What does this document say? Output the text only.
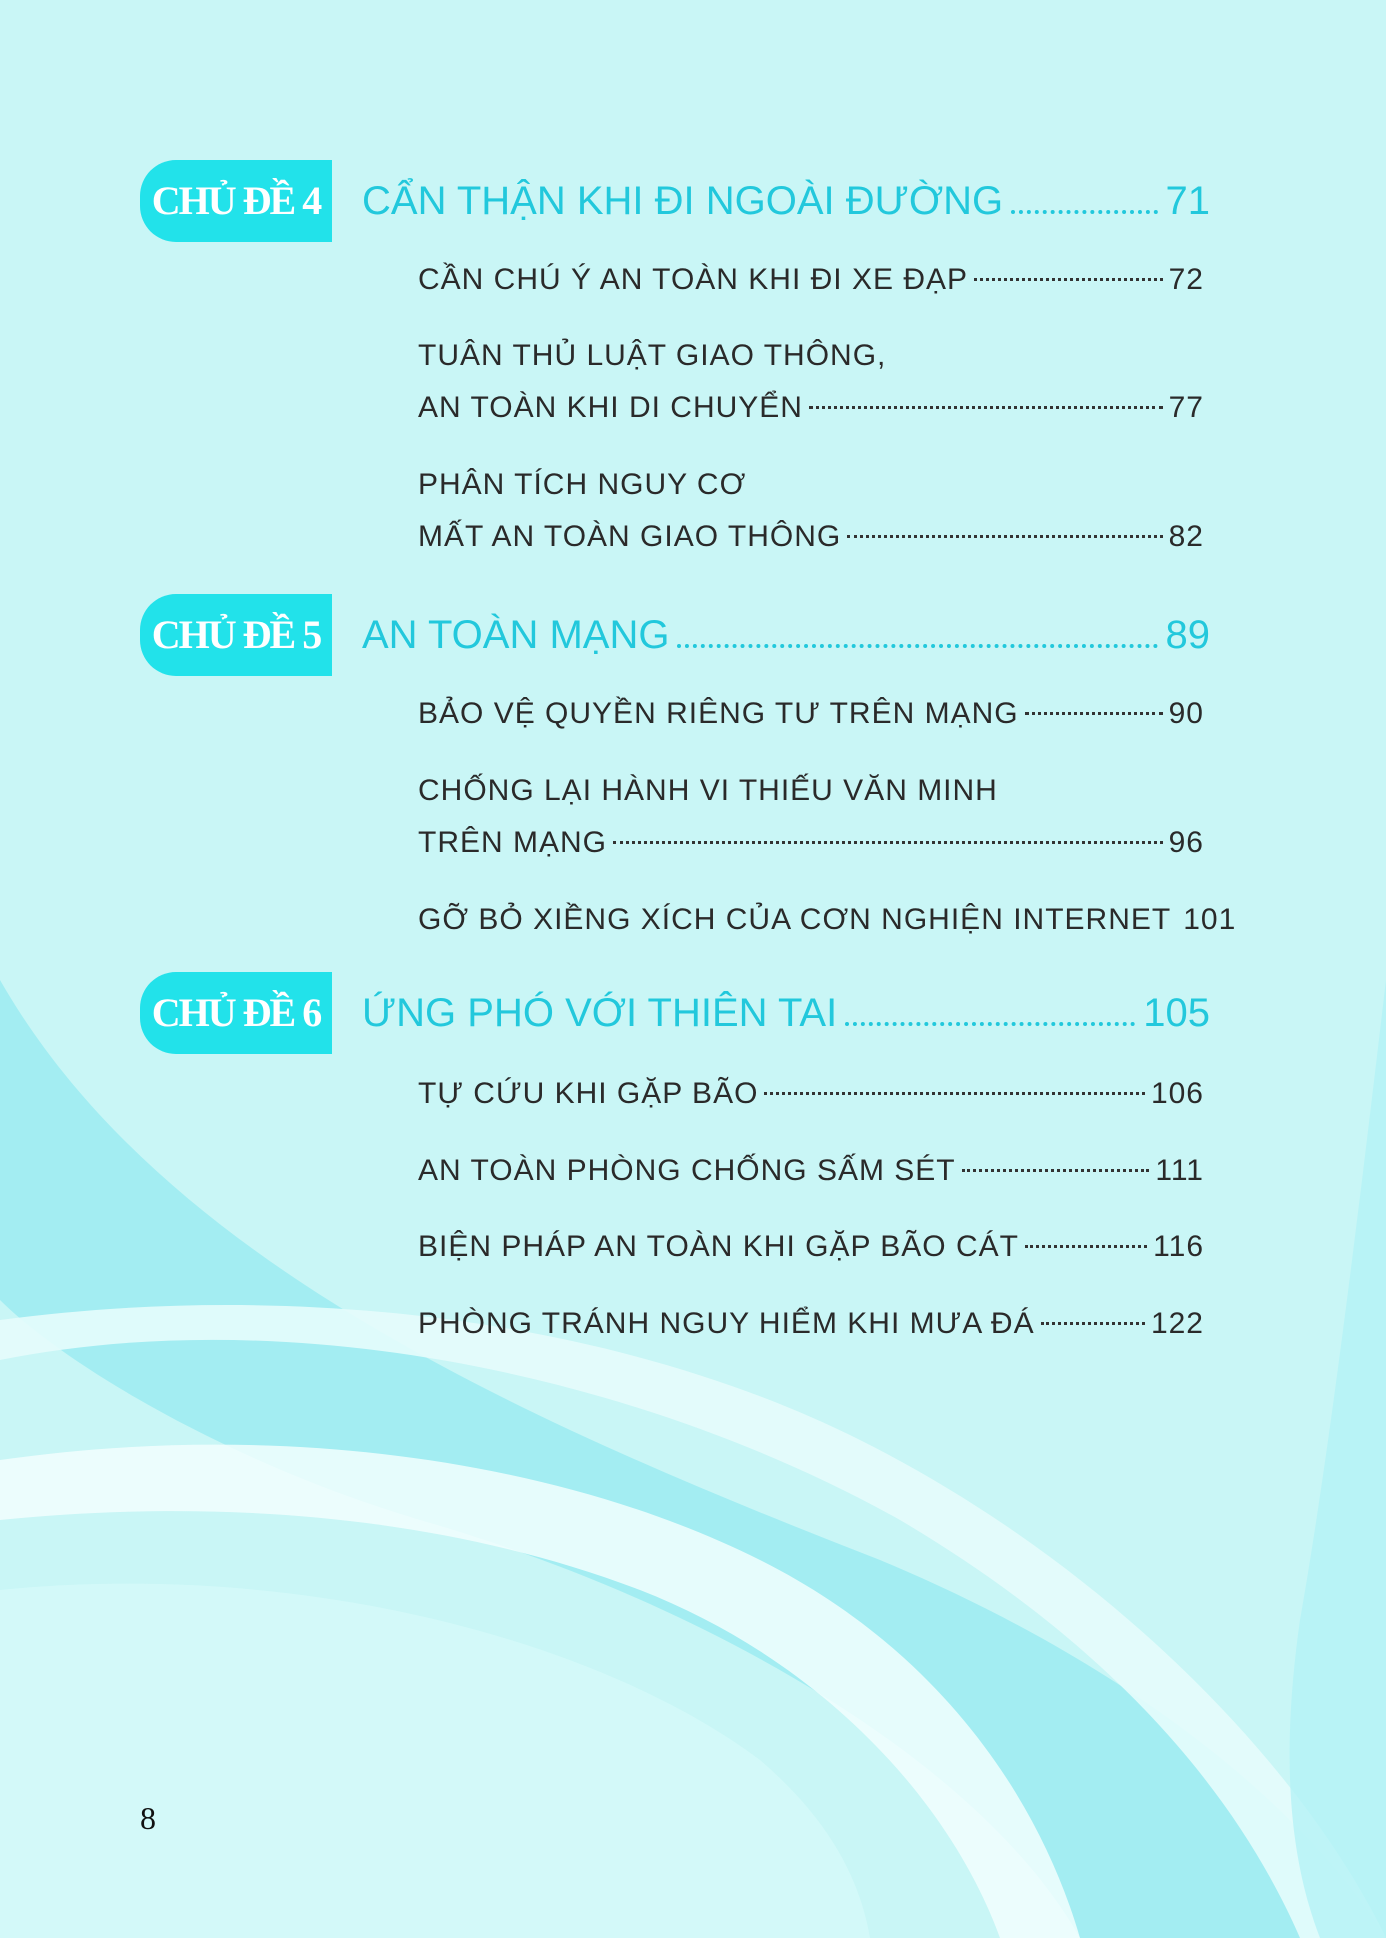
CHỦ ĐỀ 4 CẨN THẬN KHI ĐI NGOÀI ĐƯỜNG	71
CẦN CHÚ Ý AN TOÀN KHI ĐI XE ĐẠP	72
TUÂN THỦ LUẬT GIAO THÔNG,
AN TOÀN KHI DI CHUYỂN	77
PHÂN TÍCH NGUY CƠ
MẤT AN TOÀN GIAO THÔNG	82
CHỦ ĐỀ 5 AN TOÀN MẠNG	89
BẢO VỆ QUYỀN RIÊNG TƯ TRÊN MẠNG	90
CHỐNG LẠI HÀNH VI THIẾU VĂN MINH
TRÊN MẠNG	96
GỠ BỎ XIỀNG XÍCH CỦA CƠN NGHIỆN INTERNET 101
CHỦ ĐỀ 6 ỨNG PHÓ VỚI THIÊN TAI	105
TỰ CỨU KHI GẶP BÃO	106
AN TOÀN PHÒNG CHỐNG SẤM SÉT	111
BIỆN PHÁP AN TOÀN KHI GẶP BÃO CÁT	116
PHÒNG TRÁNH NGUY HIỂM KHI MƯA ĐÁ	122
8
